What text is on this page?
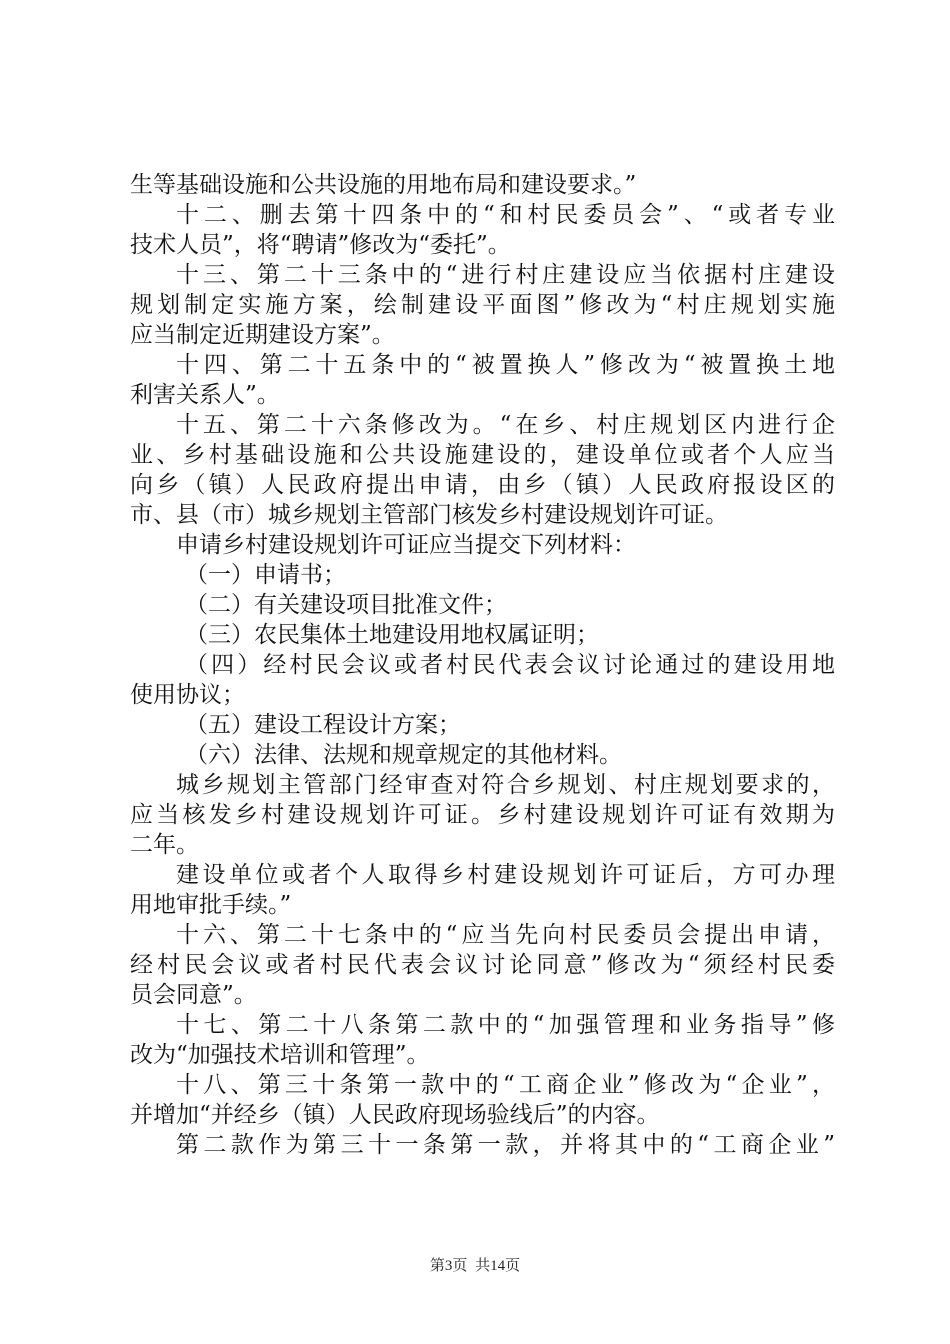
生等基础设施和公共设施的用地布局和建设要求。”
十二、删去第十四条中的“和村民委员会”、“或者专业
技术人员”，将“聘请”修改为“委托”。
十三、第二十三条中的“进行村庄建设应当依据村庄建设
规划制定实施方案，绘制建设平面图”修改为“村庄规划实施
应当制定近期建设方案”。
十四、第二十五条中的“被置换人”修改为“被置换土地
利害关系人”。
十五、第二十六条修改为。“在乡、村庄规划区内进行企
业、乡村基础设施和公共设施建设的，建设单位或者个人应当
向乡（镇）人民政府提出申请，由乡（镇）人民政府报设区的
市、县（市）城乡规划主管部门核发乡村建设规划许可证。
申请乡村建设规划许可证应当提交下列材料：
（一）申请书；
（二）有关建设项目批准文件；
（三）农民集体土地建设用地权属证明；
（四）经村民会议或者村民代表会议讨论通过的建设用地
使用协议；
（五）建设工程设计方案；
（六）法律、法规和规章规定的其他材料。
城乡规划主管部门经审查对符合乡规划、村庄规划要求的，
应当核发乡村建设规划许可证。乡村建设规划许可证有效期为
二年。
建设单位或者个人取得乡村建设规划许可证后，方可办理
用地审批手续。”
十六、第二十七条中的“应当先向村民委员会提出申请，
经村民会议或者村民代表会议讨论同意”修改为“须经村民委
员会同意”。
十七、第二十八条第二款中的“加强管理和业务指导”修
改为“加强技术培训和管理”。
十八、第三十条第一款中的“工商企业”修改为“企业”，
并增加“并经乡（镇）人民政府现场验线后”的内容。
第二款作为第三十一条第一款，并将其中的“工商企业”
第3页 共14页
